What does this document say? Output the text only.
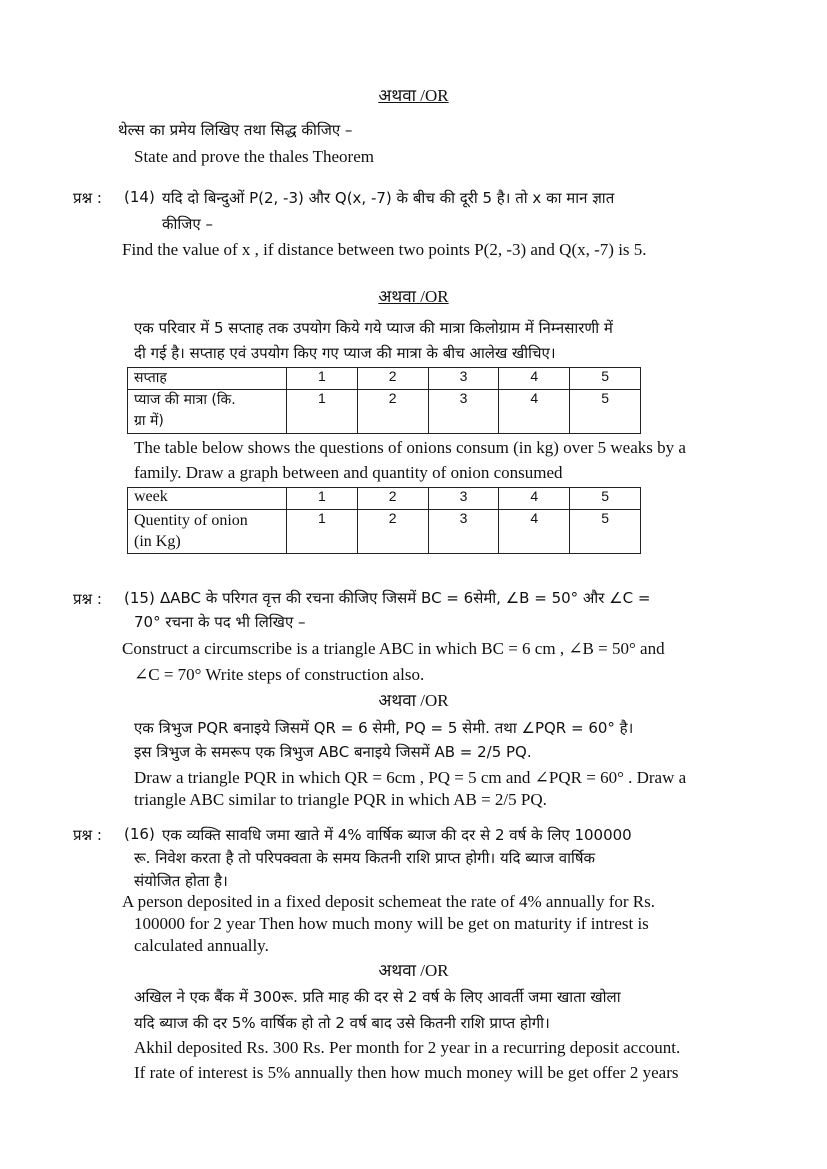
अथवा /OR
थेल्स का प्रमेय लिखिए तथा सिद्ध कीजिए –
State and prove the thales Theorem
प्रश्न : (14) यदि दो बिन्दुओं P(2, -3) और Q(x, -7) के बीच की दूरी 5 है। तो x का मान ज्ञात
कीजिए –
Find the value of x , if distance between two points P(2, -3) and Q(x, -7) is 5.
अथवा /OR
एक परिवार में 5 सप्ताह तक उपयोग किये गये प्याज की मात्रा किलोग्राम में निम्नसारणी में
दी गई है। सप्ताह एवं उपयोग किए गए प्याज की मात्रा के बीच आलेख खीचिए।
सप्ताह	1	2	3	4	5

प्याज की मात्रा (कि.
ग्रा में)	1	2	3	4	5
The table below shows the questions of onions consum (in kg) over 5 weaks by a
family. Draw a graph between and quantity of onion consumed
week	1	2	3	4	5

Quentity of onion
(in Kg)	1	2	3	4	5
प्रश्न : (15) ΔABC के परिगत वृत्त की रचना कीजिए जिसमें BC = 6सेमी, ∠B = 50° और ∠C =
70° रचना के पद भी लिखिए –
Construct a circumscribe is a triangle ABC in which BC = 6 cm , ∠B = 50° and
∠C = 70° Write steps of construction also.
अथवा /OR
एक त्रिभुज PQR बनाइये जिसमें QR = 6 सेमी, PQ = 5 सेमी. तथा ∠PQR = 60° है।
इस त्रिभुज के समरूप एक त्रिभुज ABC बनाइये जिसमें AB = 2/5 PQ.
Draw a triangle PQR in which QR = 6cm , PQ = 5 cm and ∠PQR = 60° . Draw a
triangle ABC similar to triangle PQR in which AB = 2/5 PQ.
प्रश्न : (16) एक व्यक्ति सावधि जमा खाते में 4% वार्षिक ब्याज की दर से 2 वर्ष के लिए 100000
रू. निवेश करता है तो परिपक्वता के समय कितनी राशि प्राप्त होगी। यदि ब्याज वार्षिक
संयोजित होता है।
A person deposited in a fixed deposit schemeat the rate of 4% annually for Rs.
100000 for 2 year Then how much mony will be get on maturity if intrest is
calculated annually.
अथवा /OR
अखिल ने एक बैंक में 300रू. प्रति माह की दर से 2 वर्ष के लिए आवर्ती जमा खाता खोला
यदि ब्याज की दर 5% वार्षिक हो तो 2 वर्ष बाद उसे कितनी राशि प्राप्त होगी।
Akhil deposited Rs. 300 Rs. Per month for 2 year in a recurring deposit account.
If rate of interest is 5% annually then how much money will be get offer 2 years
